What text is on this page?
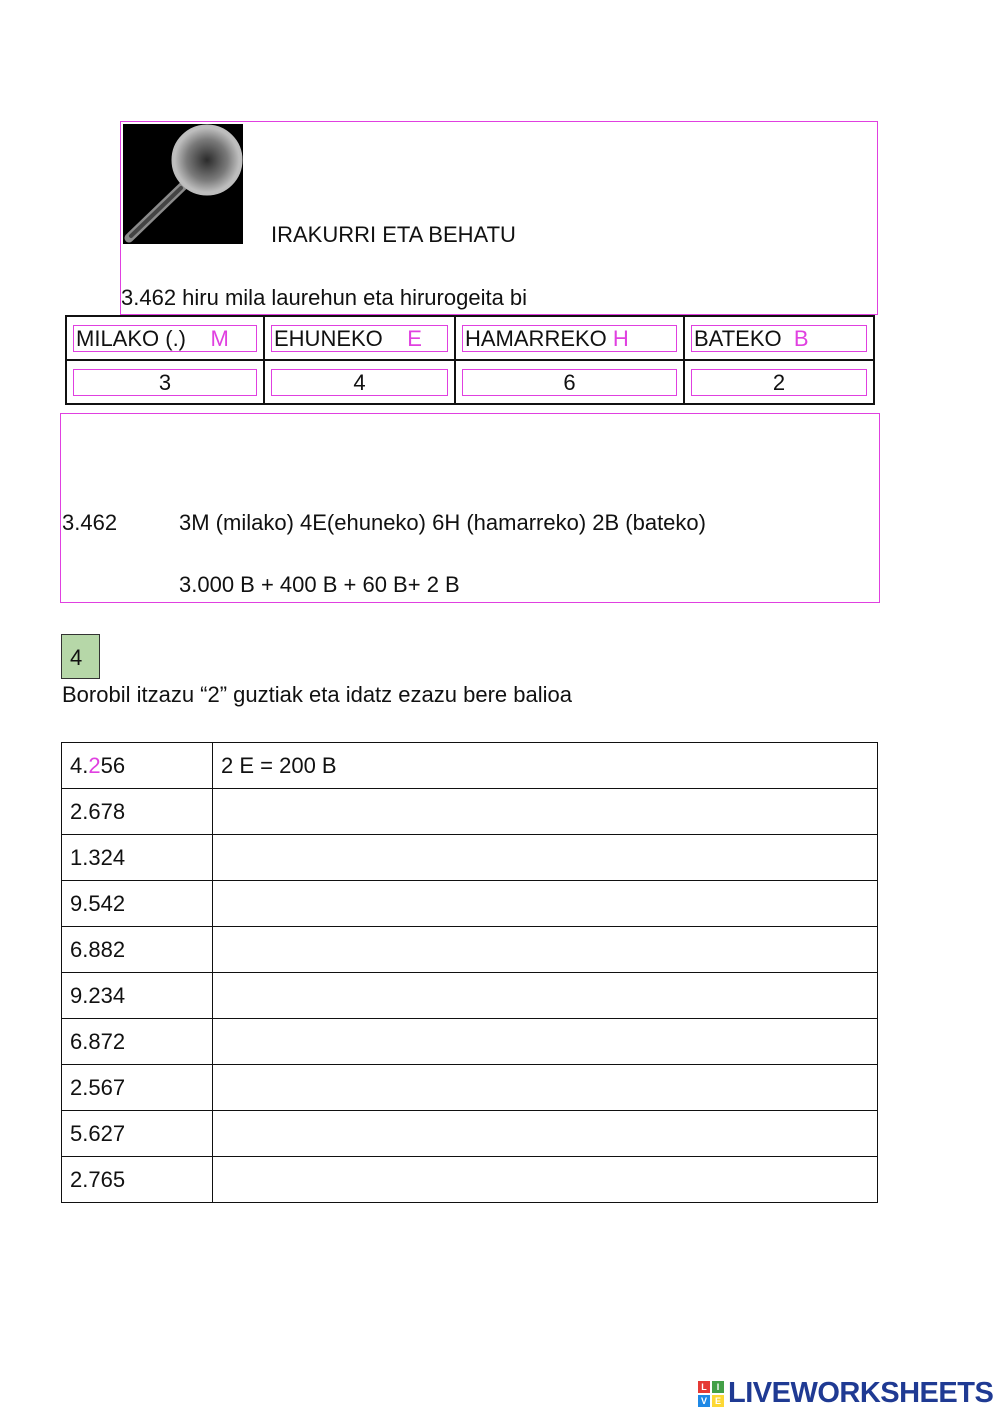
IRAKURRI ETA BEHATU
3.462 hiru mila laurehun eta hirurogeita bi
MILAKO (.) M	EHUNEKO E	HAMARREKO H	BATEKO B

3	4	6	2
3.462	3M (milako) 4E(ehuneko) 6H (hamarreko) 2B (bateko)
3.000 B + 400 B + 60 B+ 2 B
4
Borobil itzazu “2” guztiak eta idatz ezazu bere balioa
4.256	2 E = 200 B
2.678	
1.324	
9.542	
6.882	
9.234	
6.872	
2.567	
5.627	
2.765	
L	I
V E LIVEWORKSHEETS
